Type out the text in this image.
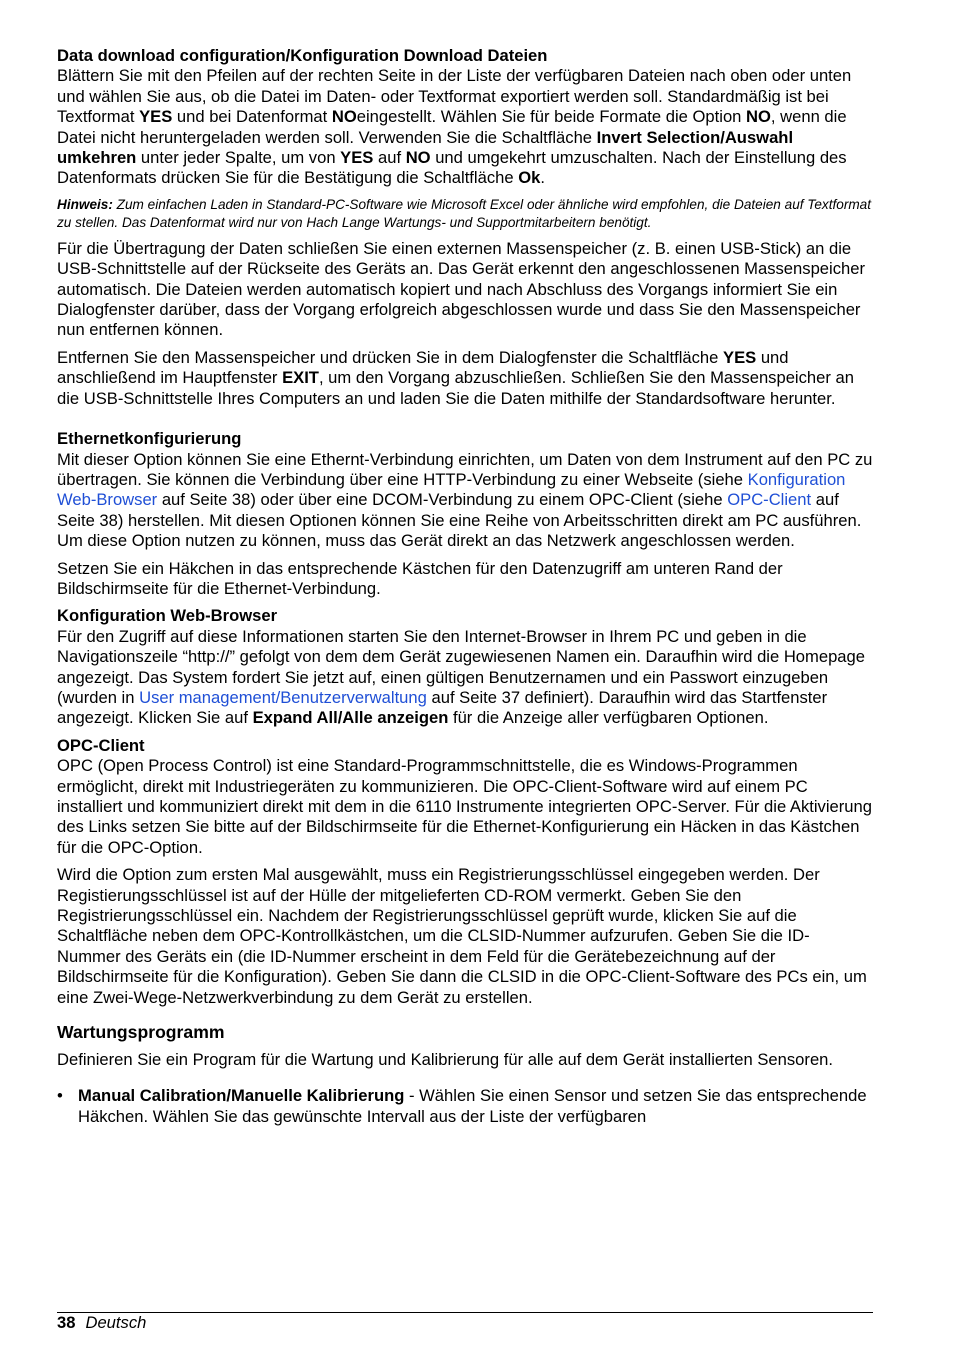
Data download configuration/Konfiguration Download Dateien

Blättern Sie mit den Pfeilen auf der rechten Seite in der Liste der verfügbaren Dateien nach oben oder unten und wählen Sie aus, ob die Datei im Daten- oder Textformat exportiert werden soll. Standardmäßig ist bei Textformat YES und bei Datenformat NOeingestellt. Wählen Sie für beide Formate die Option NO, wenn die Datei nicht heruntergeladen werden soll. Verwenden Sie die Schaltfläche Invert Selection/Auswahl umkehren unter jeder Spalte, um von YES auf NO und umgekehrt umzuschalten. Nach der Einstellung des Datenformats drücken Sie für die Bestätigung die Schaltfläche Ok.

Hinweis: Zum einfachen Laden in Standard-PC-Software wie Microsoft Excel oder ähnliche wird empfohlen, die Dateien auf Textformat zu stellen. Das Datenformat wird nur von Hach Lange Wartungs- und Supportmitarbeitern benötigt.

Für die Übertragung der Daten schließen Sie einen externen Massenspeicher (z. B. einen USB-Stick) an die USB-Schnittstelle auf der Rückseite des Geräts an. Das Gerät erkennt den angeschlossenen Massenspeicher automatisch. Die Dateien werden automatisch kopiert und nach Abschluss des Vorgangs informiert Sie ein Dialogfenster darüber, dass der Vorgang erfolgreich abgeschlossen wurde und dass Sie den Massenspeicher nun entfernen können.

Entfernen Sie den Massenspeicher und drücken Sie in dem Dialogfenster die Schaltfläche YES und anschließend im Hauptfenster EXIT, um den Vorgang abzuschließen. Schließen Sie den Massenspeicher an die USB-Schnittstelle Ihres Computers an und laden Sie die Daten mithilfe der Standardsoftware herunter.

Ethernetkonfigurierung

Mit dieser Option können Sie eine Ethernt-Verbindung einrichten, um Daten von dem Instrument auf den PC zu übertragen. Sie können die Verbindung über eine HTTP-Verbindung zu einer Webseite (siehe Konfiguration Web-Browser auf Seite 38) oder über eine DCOM-Verbindung zu einem OPC-Client (siehe OPC-Client auf Seite 38) herstellen. Mit diesen Optionen können Sie eine Reihe von Arbeitsschritten direkt am PC ausführen. Um diese Option nutzen zu können, muss das Gerät direkt an das Netzwerk angeschlossen werden.

Setzen Sie ein Häkchen in das entsprechende Kästchen für den Datenzugriff am unteren Rand der Bildschirmseite für die Ethernet-Verbindung.

Konfiguration Web-Browser

Für den Zugriff auf diese Informationen starten Sie den Internet-Browser in Ihrem PC und geben in die Navigationszeile “http://” gefolgt von dem dem Gerät zugewiesenen Namen ein. Daraufhin wird die Homepage angezeigt. Das System fordert Sie jetzt auf, einen gültigen Benutzernamen und ein Passwort einzugeben (wurden in User management/Benutzerverwaltung auf Seite 37 definiert). Daraufhin wird das Startfenster angezeigt. Klicken Sie auf Expand All/Alle anzeigen für die Anzeige aller verfügbaren Optionen.

OPC-Client

OPC (Open Process Control) ist eine Standard-Programmschnittstelle, die es Windows-Programmen ermöglicht, direkt mit Industriegeräten zu kommunizieren. Die OPC-Client-Software wird auf einem PC installiert und kommuniziert direkt mit dem in die 6110 Instrumente integrierten OPC-Server. Für die Aktivierung des Links setzen Sie bitte auf der Bildschirmseite für die Ethernet-Konfigurierung ein Häcken in das Kästchen für die OPC-Option.

Wird die Option zum ersten Mal ausgewählt, muss ein Registrierungsschlüssel eingegeben werden. Der Registierungsschlüssel ist auf der Hülle der mitgelieferten CD-ROM vermerkt. Geben Sie den Registrierungsschlüssel ein. Nachdem der Registrierungsschlüssel geprüft wurde, klicken Sie auf die Schaltfläche neben dem OPC-Kontrollkästchen, um die CLSID-Nummer aufzurufen. Geben Sie die ID-Nummer des Geräts ein (die ID-Nummer erscheint in dem Feld für die Gerätebezeichnung auf der Bildschirmseite für die Konfiguration). Geben Sie dann die CLSID in die OPC-Client-Software des PCs ein, um eine Zwei-Wege-Netzwerkverbindung zu dem Gerät zu erstellen.

Wartungsprogramm

Definieren Sie ein Program für die Wartung und Kalibrierung für alle auf dem Gerät installierten Sensoren.

• Manual Calibration/Manuelle Kalibrierung - Wählen Sie einen Sensor und setzen Sie das entsprechende Häkchen. Wählen Sie das gewünschte Intervall aus der Liste der verfügbaren

38 Deutsch
